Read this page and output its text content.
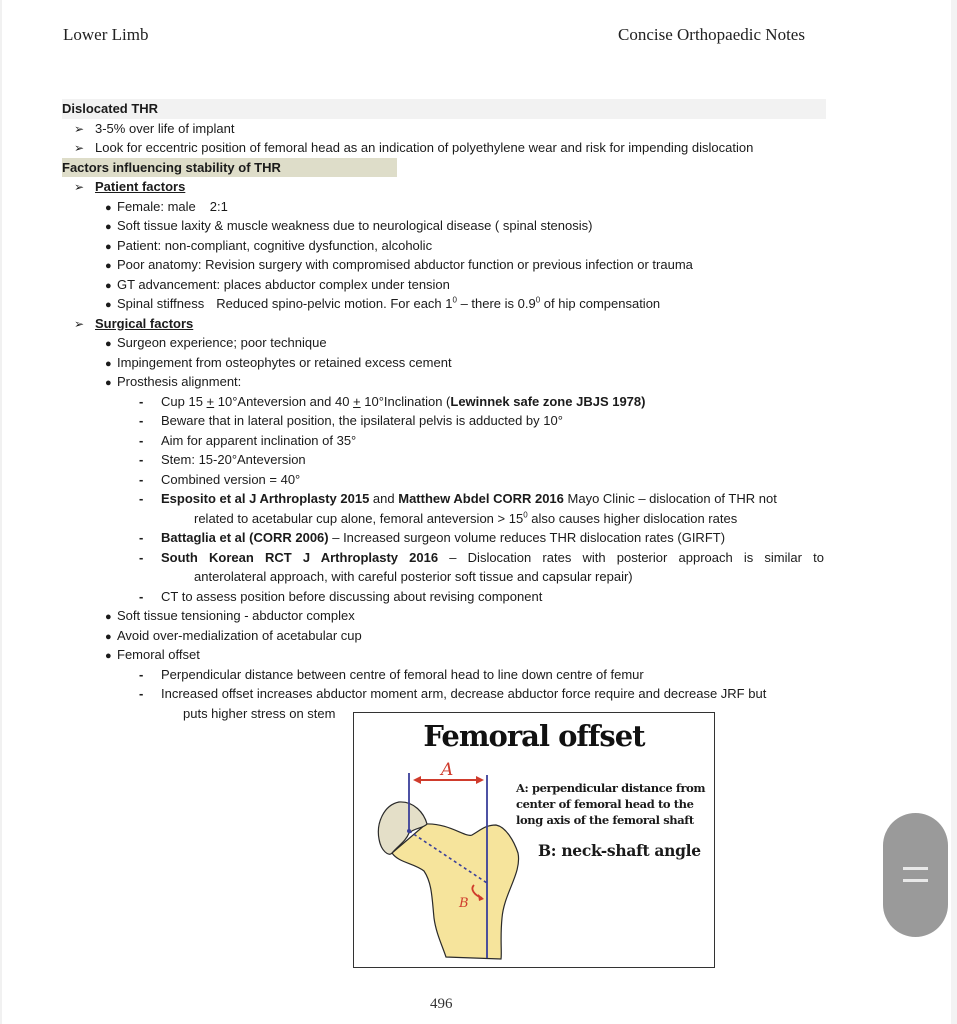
Lower Limb	Concise Orthopaedic Notes
Dislocated THR
➢ 3-5% over life of implant
➢ Look for eccentric position of femoral head as an indication of polyethylene wear and risk for impending dislocation
Factors influencing stability of THR
➢ Patient factors
● Female: male 2:1
● Soft tissue laxity & muscle weakness due to neurological disease ( spinal stenosis)
● Patient: non-compliant, cognitive dysfunction, alcoholic
● Poor anatomy: Revision surgery with compromised abductor function or previous infection or trauma
● GT advancement: places abductor complex under tension
● Spinal stiffness Reduced spino-pelvic motion. For each $1^0$ – there is $0.9^0$ of hip compensation
➢ Surgical factors
● Surgeon experience; poor technique
● Impingement from osteophytes or retained excess cement
● Prosthesis alignment:
- Cup 15 + 10°Anteversion and 40 + 10°Inclination (Lewinnek safe zone JBJS 1978)
- Beware that in lateral position, the ipsilateral pelvis is adducted by 10°
- Aim for apparent inclination of 35°
- Stem: 15-20°Anteversion
- Combined version = 40°
- Esposito et al J Arthroplasty 2015 and Matthew Abdel CORR 2016 Mayo Clinic – dislocation of THR not
related to acetabular cup alone, femoral anteversion > $15^0$ also causes higher dislocation rates
- Battaglia et al (CORR 2006) – Increased surgeon volume reduces THR dislocation rates (GIRFT)
- South Korean RCT J Arthroplasty 2016 – Dislocation rates with posterior approach is similar to
anterolateral approach, with careful posterior soft tissue and capsular repair)
- CT to assess position before discussing about revising component
● Soft tissue tensioning - abductor complex
● Avoid over-medialization of acetabular cup
● Femoral offset
- Perpendicular distance between centre of femoral head to line down centre of femur
- Increased offset increases abductor moment arm, decrease abductor force require and decrease JRF but
puts higher stress on stem
A
B
Femoral offset
A: perpendicular distance from center of femoral head to the long axis of the femoral shaft
B: neck-shaft angle
496
